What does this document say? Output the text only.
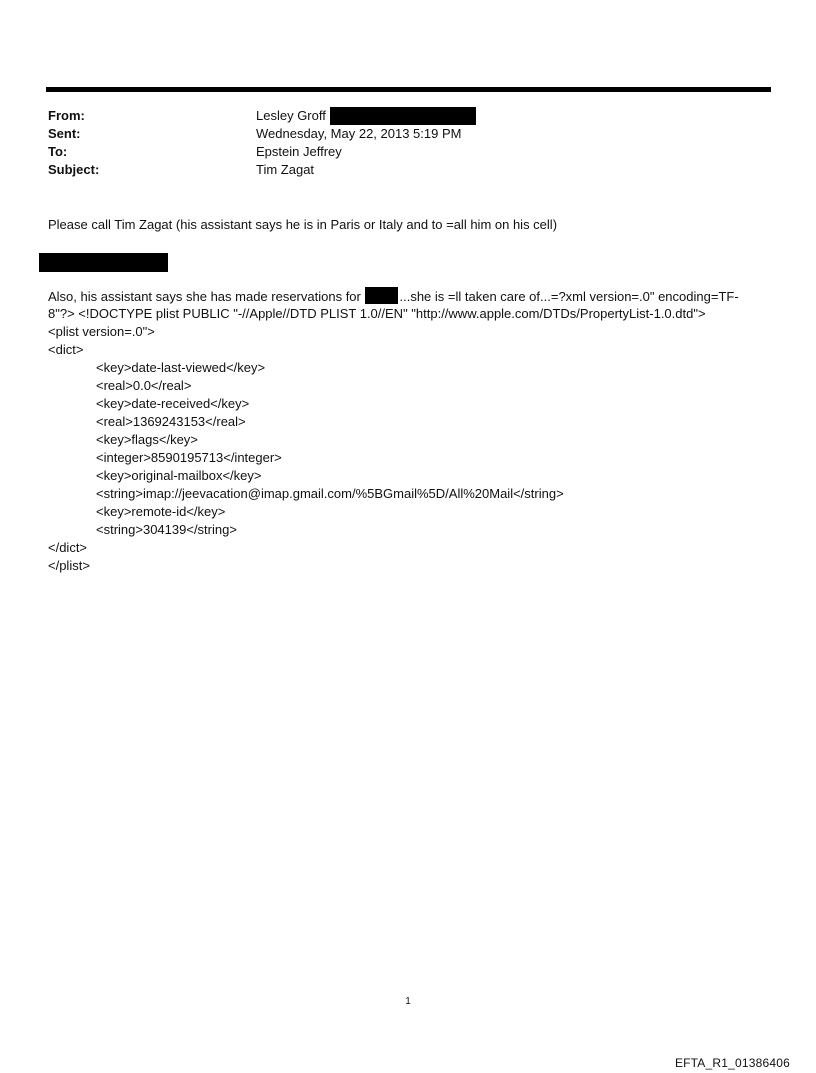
From:	Lesley Groff
Sent:	Wednesday, May 22, 2013 5:19 PM
To:	Epstein Jeffrey
Subject:	Tim Zagat
Please call Tim Zagat (his assistant says he is in Paris or Italy and to =all him on his cell)
Also, his assistant says she has made reservations for	...she is =ll taken care of...=?xml version=.0" encoding=TF-
8"?> <!DOCTYPE plist PUBLIC "-//Apple//DTD PLIST 1.0//EN" "http://www.apple.com/DTDs/PropertyList-1.0.dtd">
<plist version=.0">
<dict>
<key>date-last-viewed</key>
<real>0.0</real>
<key>date-received</key>
<real>1369243153</real>
<key>flags</key>
<integer>8590195713</integer>
<key>original-mailbox</key>
<string>imap://jeevacation@imap.gmail.com/%5BGmail%5D/All%20Mail</string>
<key>remote-id</key>
<string>304139</string>
</dict>
</plist>
1
EFTA_R1_01386406
